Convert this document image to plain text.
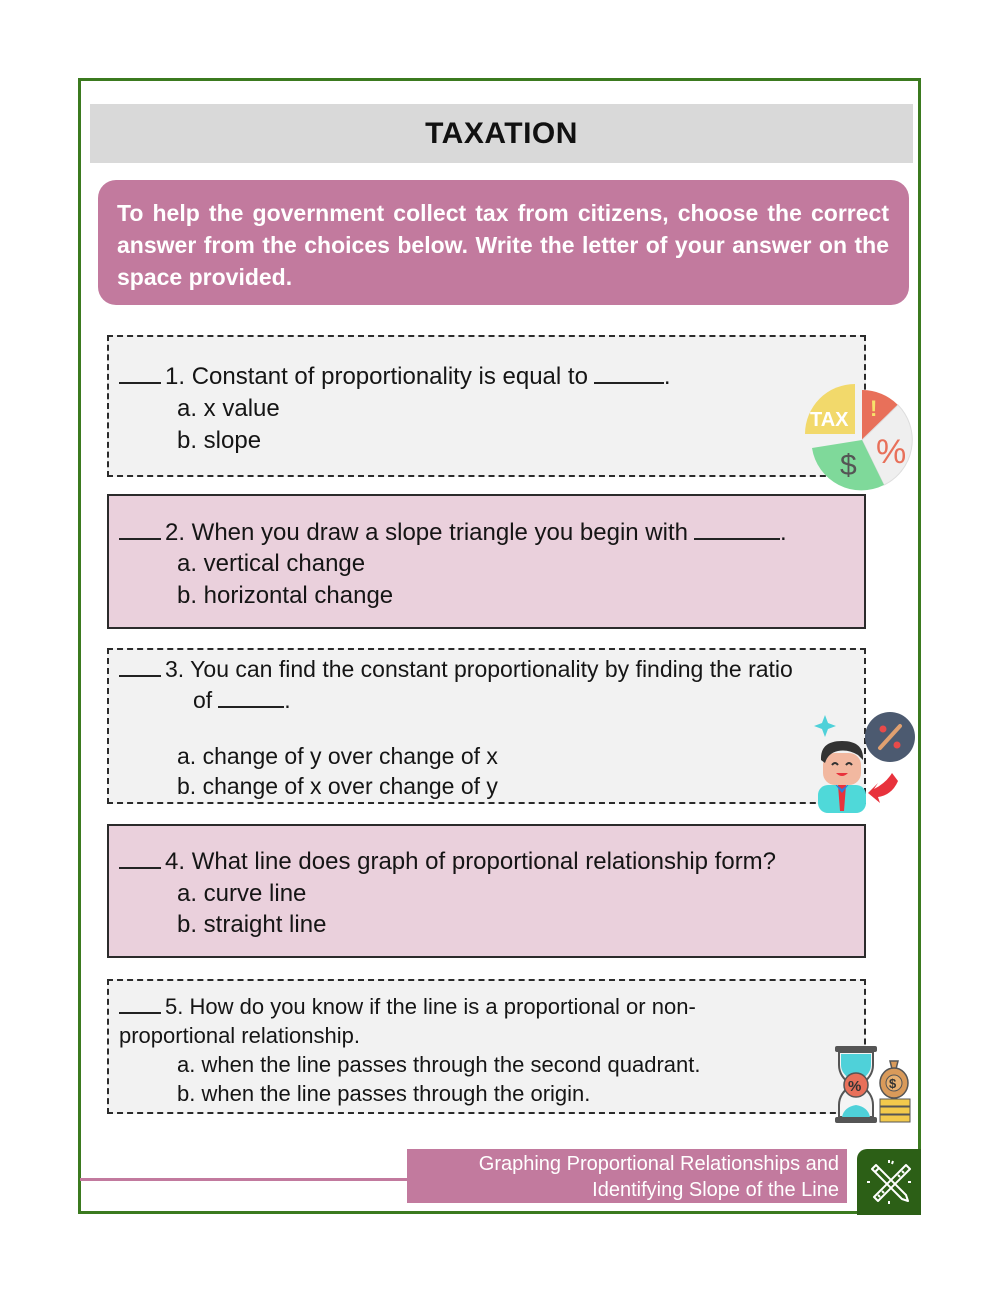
TAXATION

To help the government collect tax from citizens, choose the correct answer from the choices below. Write the letter of your answer on the space provided.

1. Constant of proportionality is equal to	.
a. x value
b. slope
TAX !
%
$
2. When you draw a slope triangle you begin with	.
a. vertical change
b. horizontal change
3. You can find the constant proportionality by finding the ratio
of	.
a. change of y over change of x
b. change of x over change of y
4. What line does graph of proportional relationship form?
a. curve line
b. straight line
5. How do you know if the line is a proportional or non-
proportional relationship.
a. when the line passes through the second quadrant.
b. when the line passes through the origin.	% $
Graphing Proportional Relationships and
Identifying Slope of the Line
